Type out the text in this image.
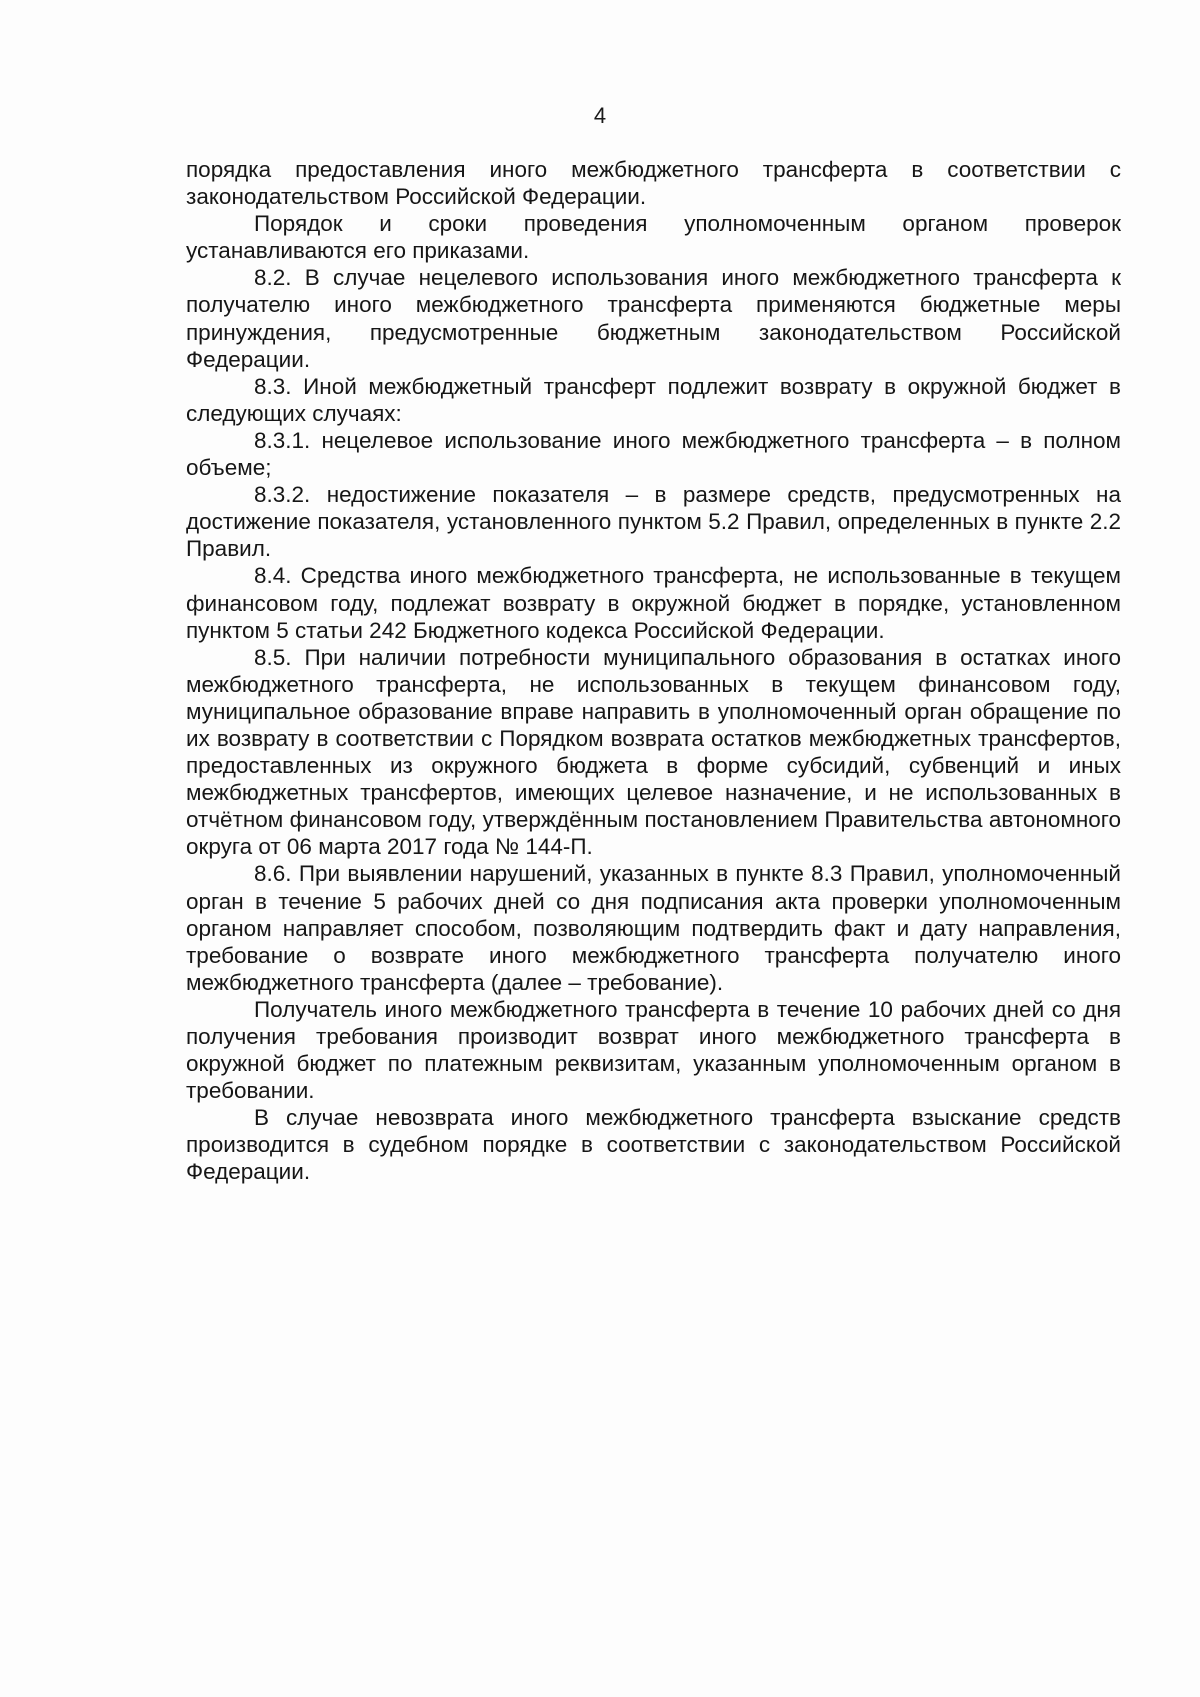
4

порядка предоставления иного межбюджетного трансферта в соответствии с законодательством Российской Федерации.

Порядок и сроки проведения уполномоченным органом проверок устанавливаются его приказами.

8.2. В случае нецелевого использования иного межбюджетного трансферта к получателю иного межбюджетного трансферта применяются бюджетные меры принуждения, предусмотренные бюджетным законодательством Российской Федерации.

8.3. Иной межбюджетный трансферт подлежит возврату в окружной бюджет в следующих случаях:

8.3.1. нецелевое использование иного межбюджетного трансферта – в полном объеме;

8.3.2. недостижение показателя – в размере средств, предусмотренных на достижение показателя, установленного пунктом 5.2 Правил, определенных в пункте 2.2 Правил.

8.4. Средства иного межбюджетного трансферта, не использованные в текущем финансовом году, подлежат возврату в окружной бюджет в порядке, установленном пунктом 5 статьи 242 Бюджетного кодекса Российской Федерации.

8.5. При наличии потребности муниципального образования в остатках иного межбюджетного трансферта, не использованных в текущем финансовом году, муниципальное образование вправе направить в уполномоченный орган обращение по их возврату в соответствии с Порядком возврата остатков межбюджетных трансфертов, предоставленных из окружного бюджета в форме субсидий, субвенций и иных межбюджетных трансфертов, имеющих целевое назначение, и не использованных в отчётном финансовом году, утверждённым постановлением Правительства автономного округа от 06 марта 2017 года № 144-П.

8.6. При выявлении нарушений, указанных в пункте 8.3 Правил, уполномоченный орган в течение 5 рабочих дней со дня подписания акта проверки уполномоченным органом направляет способом, позволяющим подтвердить факт и дату направления, требование о возврате иного межбюджетного трансферта получателю иного межбюджетного трансферта (далее – требование).

Получатель иного межбюджетного трансферта в течение 10 рабочих дней со дня получения требования производит возврат иного межбюджетного трансферта в окружной бюджет по платежным реквизитам, указанным уполномоченным органом в требовании.

В случае невозврата иного межбюджетного трансферта взыскание средств производится в судебном порядке в соответствии с законодательством Российской Федерации.
